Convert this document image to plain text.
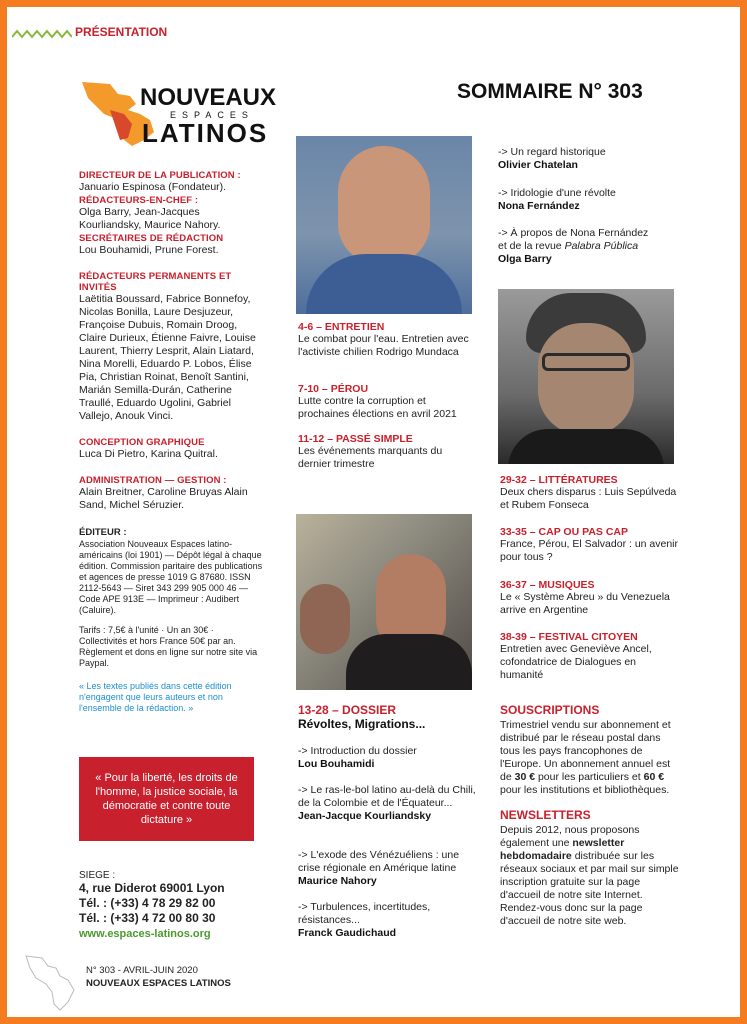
PRÉSENTATION
NOUVEAUX
ESPACES
LATINOS
SOMMAIRE N° 303
DIRECTEUR DE LA PUBLICATION :
Januario Espinosa (Fondateur).
RÉDACTEURS-EN-CHEF :
Olga Barry, Jean-Jacques Kourliandsky, Maurice Nahory.
SECRÉTAIRES DE RÉDACTION
Lou Bouhamidi, Prune Forest.
RÉDACTEURS PERMANENTS ET INVITÉS
Laëtitia Boussard, Fabrice Bonnefoy, Nicolas Bonilla, Laure Desjuzeur, Françoise Dubuis, Romain Droog, Claire Durieux, Étienne Faivre, Louise Laurent, Thierry Lesprit, Alain Liatard, Nina Morelli, Eduardo P. Lobos, Élise Pia, Christian Roinat, Benoît Santini, Marián Semilla-Durán, Catherine Traullé, Eduardo Ugolini, Gabriel Vallejo, Anouk Vinci.
CONCEPTION GRAPHIQUE
Luca Di Pietro, Karina Quitral.
ADMINISTRATION — GESTION :
Alain Breitner, Caroline Bruyas Alain Sand, Michel Séruzier.
ÉDITEUR :
Association Nouveaux Espaces latino-américains (loi 1901) — Dépôt légal à chaque édition. Commission paritaire des publications et agences de presse 1019 G 87680. ISSN 2112-5643 — Siret 343 299 905 000 46 — Code APE 913E — Imprimeur : Audibert (Caluire).
Tarifs : 7,5€ à l'unité · Un an 30€ · Collectivités et hors France 50€ par an. Règlement et dons en ligne sur notre site via Paypal.
« Les textes publiés dans cette édition n'engagent que leurs auteurs et non l'ensemble de la rédaction. »
« Pour la liberté, les droits de l'homme, la justice sociale, la démocratie et contre toute dictature »
SIEGE :
4, rue Diderot 69001 Lyon
Tél. : (+33) 4 78 29 82 00
Tél. : (+33) 4 72 00 80 30
www.espaces-latinos.org
N° 303 - AVRIL-JUIN 2020
NOUVEAUX ESPACES LATINOS
4-6 – ENTRETIEN
Le combat pour l'eau. Entretien avec l'activiste chilien Rodrigo Mundaca
7-10 – PÉROU
Lutte contre la corruption et prochaines élections en avril 2021
11-12 – PASSÉ SIMPLE
Les événements marquants du dernier trimestre
13-28 – DOSSIER
Révoltes, Migrations...
-> Introduction du dossier
Lou Bouhamidi
-> Le ras-le-bol latino au-delà du Chili, de la Colombie et de l'Équateur...
Jean-Jacque Kourliandsky
-> L'exode des Vénézuéliens : une crise régionale en Amérique latine
Maurice Nahory
-> Turbulences, incertitudes, résistances...
Franck Gaudichaud
-> Un regard historique
Olivier Chatelan
-> Iridologie d'une révolte
Nona Fernández
-> À propos de Nona Fernández
et de la revue Palabra Pública
Olga Barry
29-32 – LITTÉRATURES
Deux chers disparus : Luis Sepúlveda et Rubem Fonseca
33-35 – CAP OU PAS CAP
France, Pérou, El Salvador : un avenir pour tous ?
36-37 – MUSIQUES
Le « Système Abreu » du Venezuela arrive en Argentine
38-39 – FESTIVAL CITOYEN
Entretien avec Geneviève Ancel, cofondatrice de Dialogues en humanité
SOUSCRIPTIONS
Trimestriel vendu sur abonnement et distribué par le réseau postal dans tous les pays francophones de l'Europe. Un abonnement annuel est de 30 € pour les particuliers et 60 € pour les institutions et bibliothèques.
NEWSLETTERS
Depuis 2012, nous proposons également une newsletter hebdomadaire distribuée sur les réseaux sociaux et par mail sur simple inscription gratuite sur la page d'accueil de notre site Internet. Rendez-vous donc sur la page d'accueil de notre site web.
